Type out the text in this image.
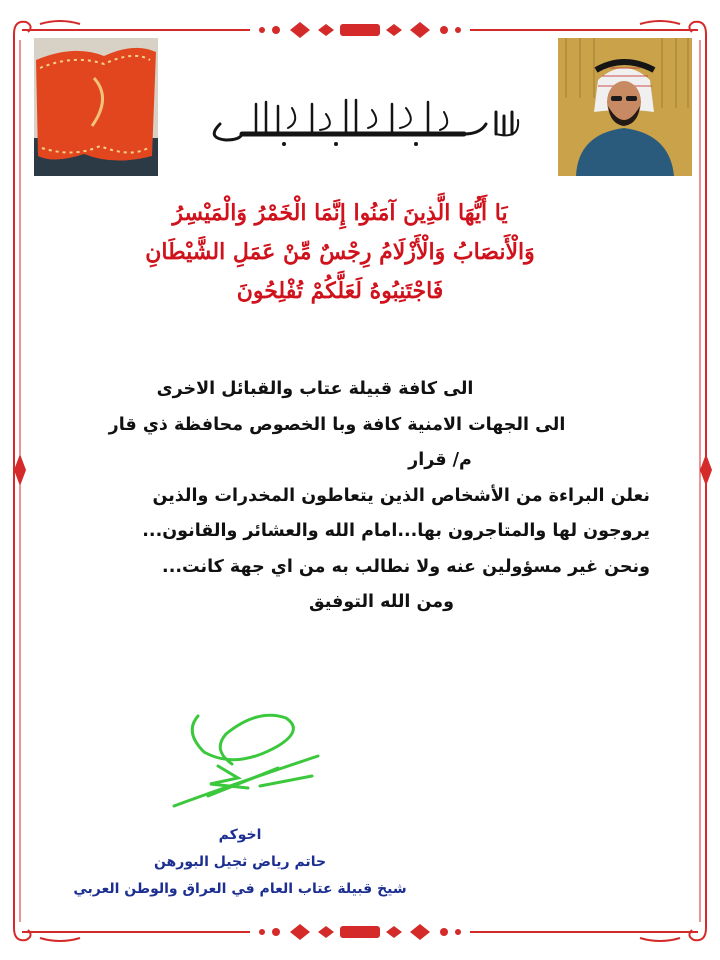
يَا أَيُّهَا الَّذِينَ آمَنُوا إِنَّمَا الْخَمْرُ وَالْمَيْسِرُ
وَالْأَنصَابُ وَالْأَزْلَامُ رِجْسٌ مِّنْ عَمَلِ الشَّيْطَانِ
فَاجْتَنِبُوهُ لَعَلَّكُمْ تُفْلِحُونَ
الى كافة قبيلة عتاب والقبائل الاخرى
الى الجهات الامنية كافة وبا الخصوص محافظة ذي قار
م/ قرار
نعلن البراءة من الأشخاص الذين يتعاطون المخدرات والذين
يروجون لها والمتاجرون بها...امام الله والعشائر والقانون...
ونحن غير مسؤولين عنه ولا نطالب به من اي جهة كانت...
ومن الله التوفيق
اخوكم
حاتم رياض ثجيل البورهن
شيخ قبيلة عتاب العام في العراق والوطن العربي
